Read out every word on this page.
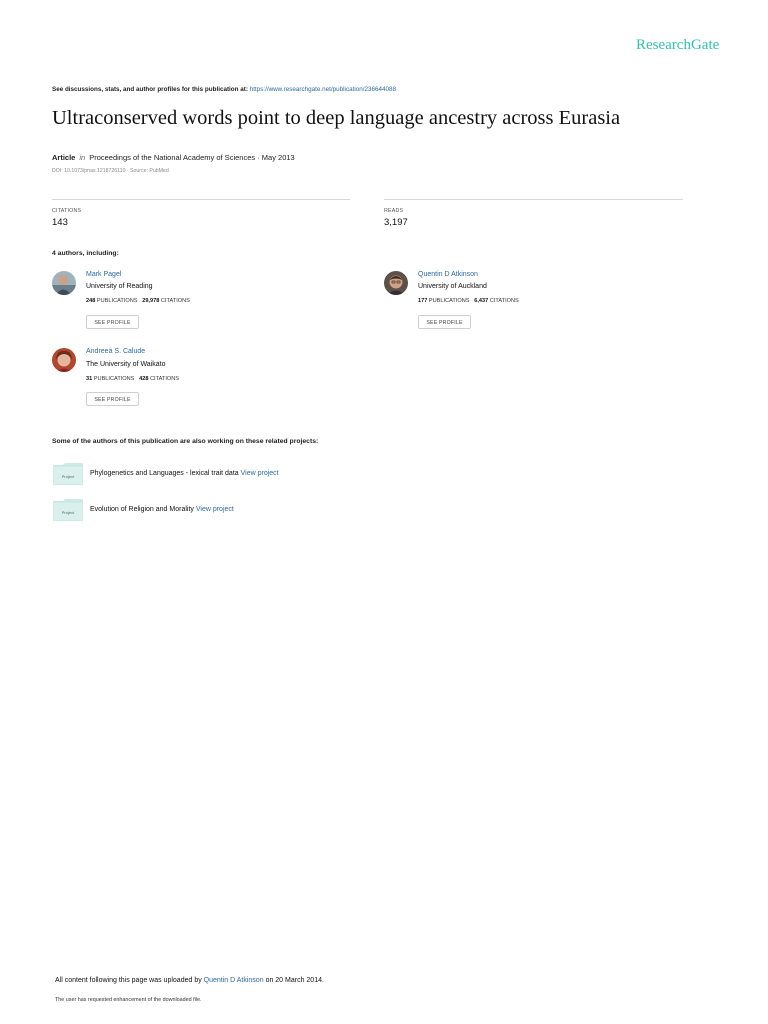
ResearchGate
See discussions, stats, and author profiles for this publication at: https://www.researchgate.net/publication/236644088
Ultraconserved words point to deep language ancestry across Eurasia
Article in Proceedings of the National Academy of Sciences · May 2013
DOI: 10.1073/pnas.1218726110 · Source: PubMed
CITATIONS
143
READS
3,197
4 authors, including:
Mark Pagel
University of Reading
248 PUBLICATIONS 29,978 CITATIONS
SEE PROFILE
Quentin D Atkinson
University of Auckland
177 PUBLICATIONS 6,437 CITATIONS
SEE PROFILE
Andreea S. Calude
The University of Waikato
31 PUBLICATIONS 428 CITATIONS
SEE PROFILE
Some of the authors of this publication are also working on these related projects:
Project Phylogenetics and Languages - lexical trait data View project
Project Evolution of Religion and Morality View project
All content following this page was uploaded by Quentin D Atkinson on 20 March 2014.
The user has requested enhancement of the downloaded file.
